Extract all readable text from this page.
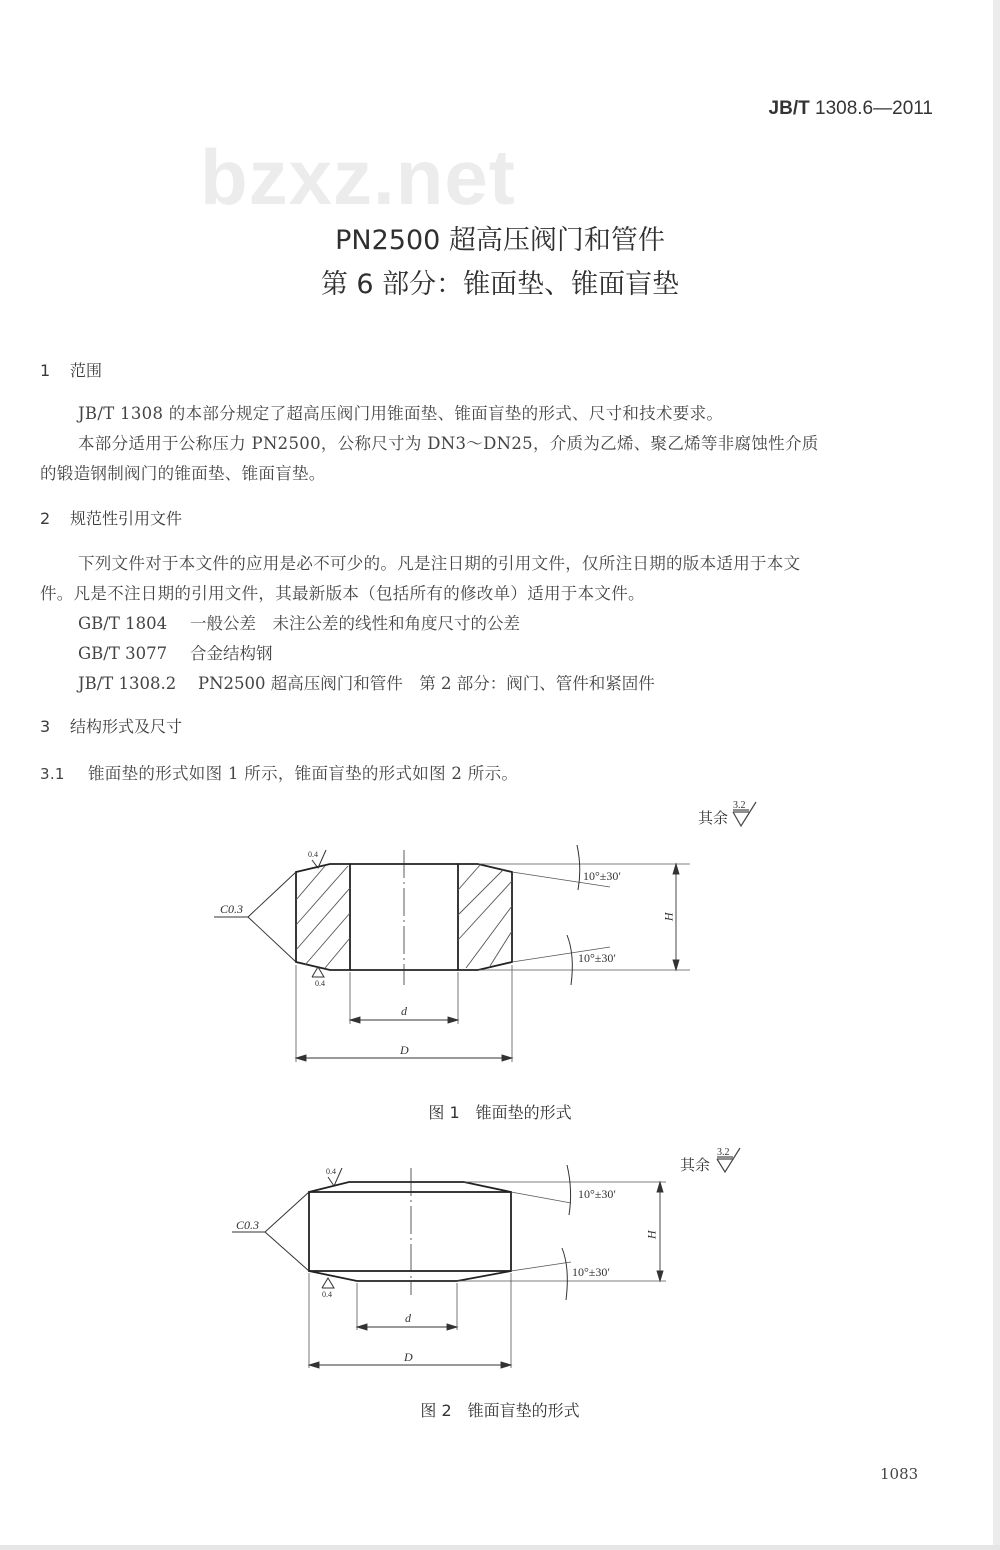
JB/T 1308.6—2011
bzxz.net
PN2500 超高压阀门和管件
第 6 部分：锥面垫、锥面盲垫
1 范围
JB/T 1308 的本部分规定了超高压阀门用锥面垫、锥面盲垫的形式、尺寸和技术要求。
本部分适用于公称压力 PN2500，公称尺寸为 DN3～DN25，介质为乙烯、聚乙烯等非腐蚀性介质
的锻造钢制阀门的锥面垫、锥面盲垫。
2 规范性引用文件
下列文件对于本文件的应用是必不可少的。凡是注日期的引用文件，仅所注日期的版本适用于本文
件。凡是不注日期的引用文件，其最新版本（包括所有的修改单）适用于本文件。
GB/T 1804 一般公差　未注公差的线性和角度尺寸的公差
GB/T 3077 合金结构钢
JB/T 1308.2 PN2500 超高压阀门和管件　第 2 部分：阀门、管件和紧固件
3 结构形式及尺寸
3.1 锥面垫的形式如图 1 所示，锥面盲垫的形式如图 2 所示。
其余
3.2
C0.3
0.4
0.4
10°±30′
10°±30′
H
d
D
图 1　锥面垫的形式
其余
3.2
C0.3
0.4
0.4
10°±30′
10°±30′
H
d
D
图 2　锥面盲垫的形式
1083
